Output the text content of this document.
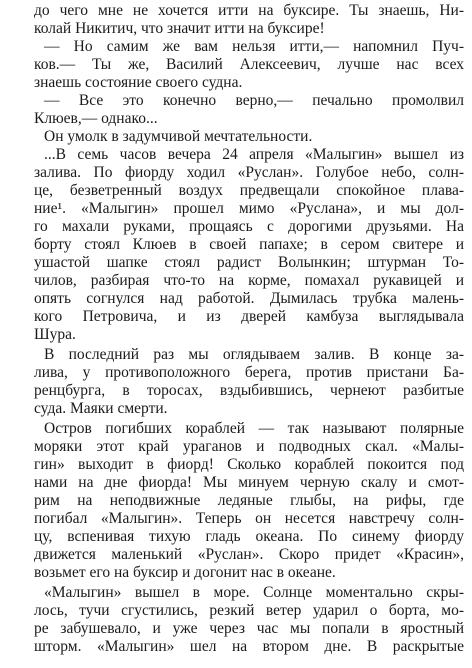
до чего мне не хочется итти на буксире. Ты знаешь, Ни-
колай Никитич, что значит итти на буксире!
— Но самим же вам нельзя итти,— напомнил Пуч-
ков.— Ты же, Василий Алексеевич, лучше нас всех
знаешь состояние своего судна.
— Все это конечно верно,— печально промолвил
Клюев,— однако...
Он умолк в задумчивой мечтательности.
...В семь часов вечера 24 апреля «Малыгин» вышел из
залива. По фиорду ходил «Руслан». Голубое небо, солн-
це, безветренный воздух предвещали спокойное плава-
ние¹. «Малыгин» прошел мимо «Руслана», и мы дол-
го махали руками, прощаясь с дорогими друзьями. На
борту стоял Клюев в своей папахе; в сером свитере и
ушастой шапке стоял радист Волынкин; штурман То-
чилов, разбирая что-то на корме, помахал рукавицей и
опять согнулся над работой. Дымилась трубка малень-
кого Петровича, и из дверей камбуза выглядывала
Шура.
В последний раз мы оглядываем залив. В конце за-
лива, у противоположного берега, против пристани Ба-
ренцбурга, в торосах, вздыбившись, чернеют разбитые
суда. Маяки смерти.
Остров погибших кораблей — так называют полярные
моряки этот край ураганов и подводных скал. «Малы-
гин» выходит в фиорд! Сколько кораблей покоится под
нами на дне фиорда! Мы минуем черную скалу и смот-
рим на неподвижные ледяные глыбы, на рифы, где
погибал «Малыгин». Теперь он несется навстречу солн-
цу, вспенивая тихую гладь океана. По синему фиорду
движется маленький «Руслан». Скоро придет «Красин»,
возьмет его на буксир и догонит нас в океане.
«Малыгин» вышел в море. Солнце моментально скры-
лось, тучи сгустились, резкий ветер ударил о борта, мо-
ре забушевало, и уже через час мы попали в яростный
шторм. «Малыгин» шел на втором дне. В раскрытые
